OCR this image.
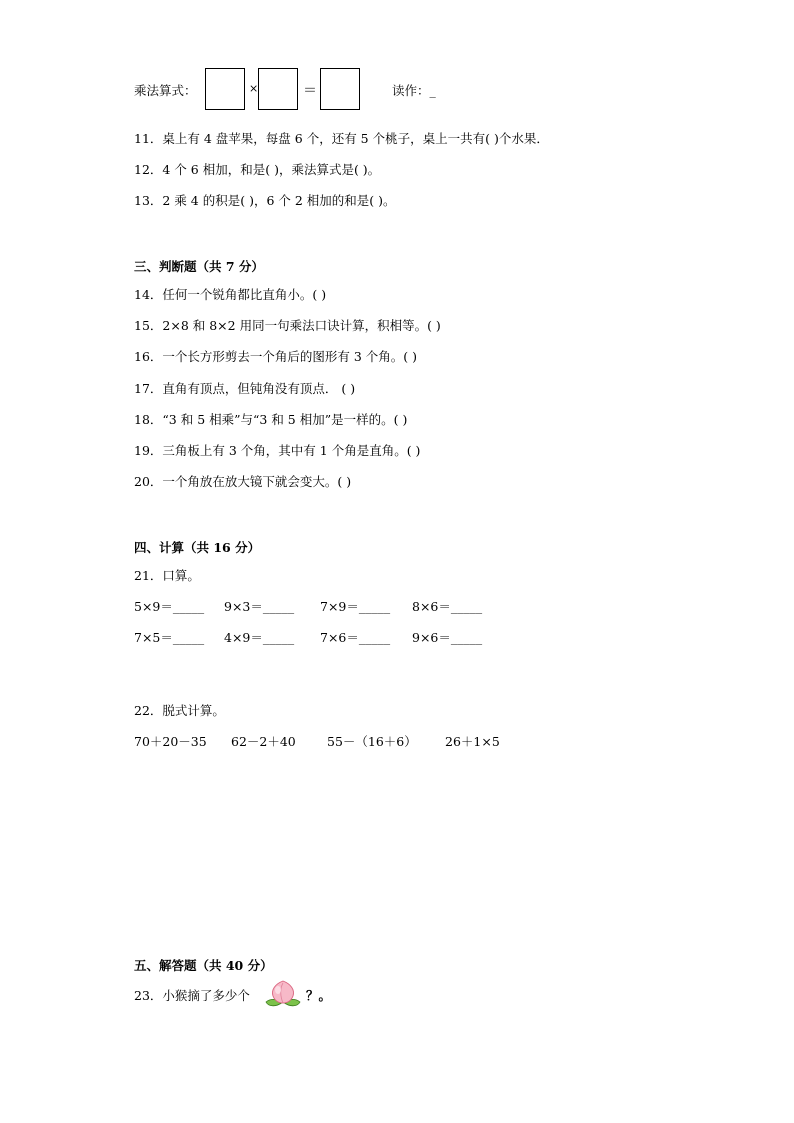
乘法算式：	×	＝	读作：_
11．桌上有 4 盘苹果，每盘 6 个，还有 5 个桃子，桌上一共有( )个水果．
12．4 个 6 相加，和是( )，乘法算式是( )。
13．2 乘 4 的积是( )，6 个 2 相加的和是( )。
三、判断题（共 7 分）
14．任何一个锐角都比直角小。( )
15．2×8 和 8×2 用同一句乘法口诀计算，积相等。( )
16．一个长方形剪去一个角后的图形有 3 个角。( )
17．直角有顶点，但钝角没有顶点． ( )
18．“3 和 5 相乘”与“3 和 5 相加”是一样的。( )
19．三角板上有 3 个角，其中有 1 个角是直角。( )
20．一个角放在放大镜下就会变大。( )
四、计算（共 16 分）
21．口算。
5×9＝_____ 9×3＝_____ 7×9＝_____ 8×6＝_____
7×5＝_____ 4×9＝_____ 7×6＝_____ 9×6＝_____
22．脱式计算。
70＋20－35 62－2＋40 55－（16＋6） 26＋1×5
五、解答题（共 40 分）
23．小猴摘了多少个	？。
